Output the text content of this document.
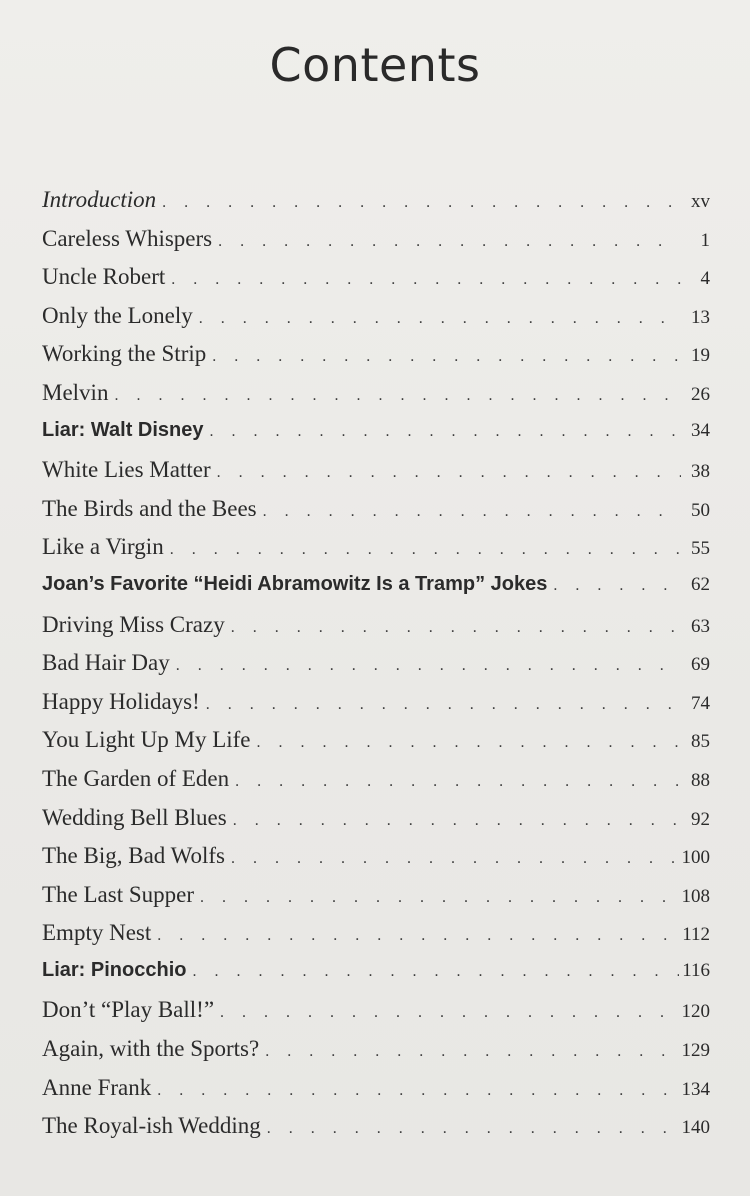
Contents
Introduction . . .	xv
Careless Whispers . . .	1
Uncle Robert . . .	4
Only the Lonely . . .	13
Working the Strip . . .	19
Melvin . . .	26
Liar: Walt Disney . . .	34
White Lies Matter . . .	38
The Birds and the Bees . . .	50
Like a Virgin . . .	55
Joan’s Favorite “Heidi Abramowitz Is a Tramp” Jokes . . .	62
Driving Miss Crazy . . .	63
Bad Hair Day . . .	69
Happy Holidays! . . .	74
You Light Up My Life . . .	85
The Garden of Eden . . .	88
Wedding Bell Blues . . .	92
The Big, Bad Wolfs . . .	100
The Last Supper . . .	108
Empty Nest . . .	112
Liar: Pinocchio . . .	116
Don’t “Play Ball!” . . .	120
Again, with the Sports? . . .	129
Anne Frank . . .	134
The Royal-ish Wedding . . .	140
